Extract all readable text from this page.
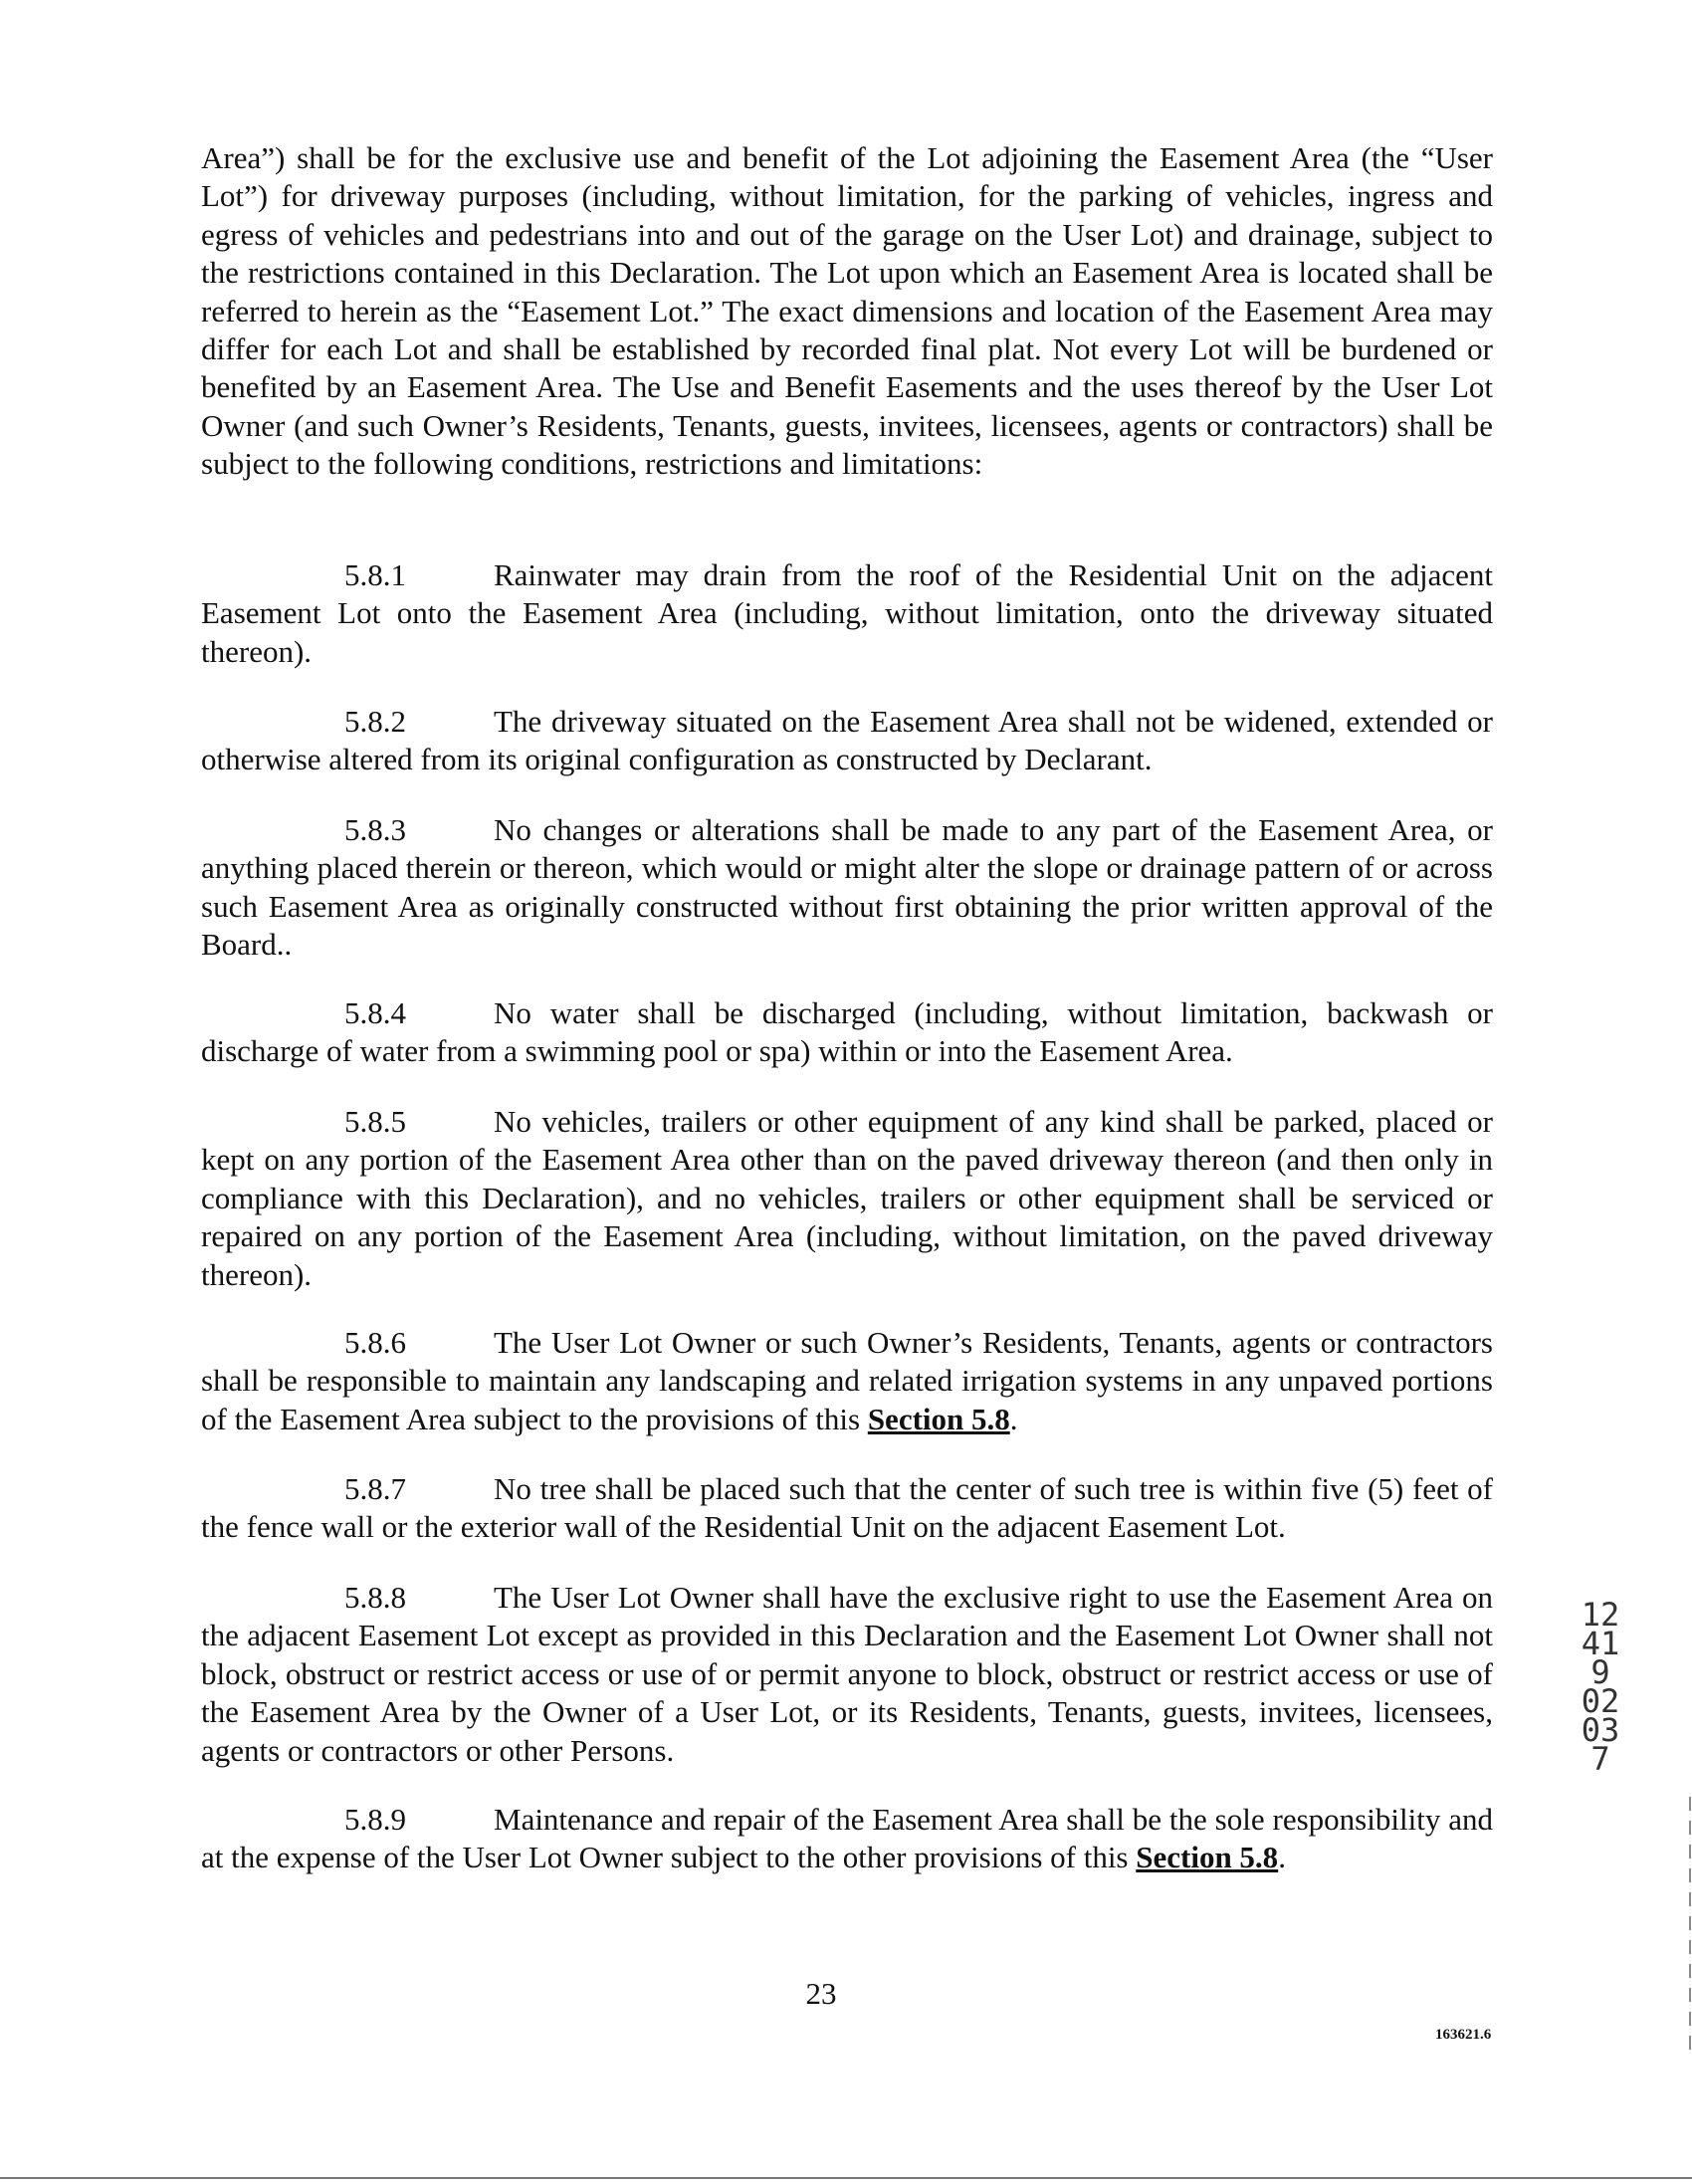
Area”) shall be for the exclusive use and benefit of the Lot adjoining the Easement Area (the “User Lot”) for driveway purposes (including, without limitation, for the parking of vehicles, ingress and egress of vehicles and pedestrians into and out of the garage on the User Lot) and drainage, subject to the restrictions contained in this Declaration. The Lot upon which an Easement Area is located shall be referred to herein as the “Easement Lot.” The exact dimensions and location of the Easement Area may differ for each Lot and shall be established by recorded final plat. Not every Lot will be burdened or benefited by an Easement Area. The Use and Benefit Easements and the uses thereof by the User Lot Owner (and such Owner’s Residents, Tenants, guests, invitees, licensees, agents or contractors) shall be subject to the following conditions, restrictions and limitations:

5.8.1	Rainwater may drain from the roof of the Residential Unit on the adjacent Easement Lot onto the Easement Area (including, without limitation, onto the driveway situated thereon).

5.8.2	The driveway situated on the Easement Area shall not be widened, extended or otherwise altered from its original configuration as constructed by Declarant.

5.8.3	No changes or alterations shall be made to any part of the Easement Area, or anything placed therein or thereon, which would or might alter the slope or drainage pattern of or across such Easement Area as originally constructed without first obtaining the prior written approval of the Board..

5.8.4	No water shall be discharged (including, without limitation, backwash or discharge of water from a swimming pool or spa) within or into the Easement Area.

5.8.5	No vehicles, trailers or other equipment of any kind shall be parked, placed or kept on any portion of the Easement Area other than on the paved driveway thereon (and then only in compliance with this Declaration), and no vehicles, trailers or other equipment shall be serviced or repaired on any portion of the Easement Area (including, without limitation, on the paved driveway thereon).

5.8.6	The User Lot Owner or such Owner’s Residents, Tenants, agents or contractors shall be responsible to maintain any landscaping and related irrigation systems in any unpaved portions of the Easement Area subject to the provisions of this Section 5.8.

5.8.7	No tree shall be placed such that the center of such tree is within five (5) feet of the fence wall or the exterior wall of the Residential Unit on the adjacent Easement Lot.

5.8.8	The User Lot Owner shall have the exclusive right to use the Easement Area on the adjacent Easement Lot except as provided in this Declaration and the Easement Lot Owner shall not block, obstruct or restrict access or use of or permit anyone to block, obstruct or restrict access or use of the Easement Area by the Owner of a User Lot, or its Residents, Tenants, guests, invitees, licensees, agents or contractors or other Persons.

5.8.9	Maintenance and repair of the Easement Area shall be the sole responsibility and at the expense of the User Lot Owner subject to the other provisions of this Section 5.8.

23

163621.6

12419 02037
